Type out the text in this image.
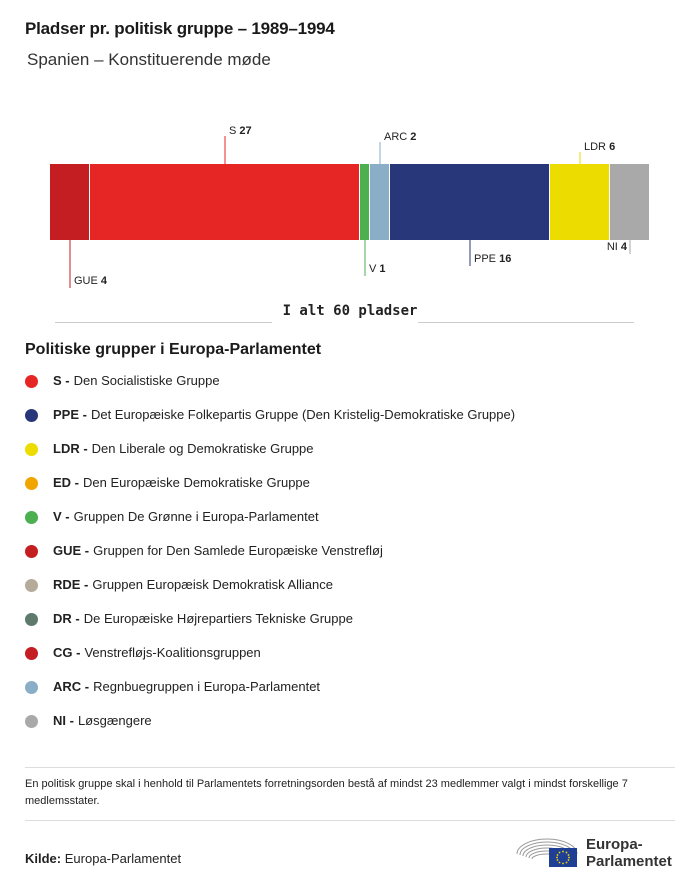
Pladser pr. politisk gruppe – 1989–1994
Spanien – Konstituerende møde
GUE 4
S 27
V 1
ARC 2
PPE 16
LDR 6
NI 4
I alt 60 pladser
Politiske grupper i Europa-Parlamentet
S - Den Socialistiske Gruppe
PPE - Det Europæiske Folkepartis Gruppe (Den Kristelig-Demokratiske Gruppe)
LDR - Den Liberale og Demokratiske Gruppe
ED - Den Europæiske Demokratiske Gruppe
V - Gruppen De Grønne i Europa-Parlamentet
GUE - Gruppen for Den Samlede Europæiske Venstrefløj
RDE - Gruppen Europæisk Demokratisk Alliance
DR - De Europæiske Højrepartiers Tekniske Gruppe
CG - Venstrefløjs-Koalitionsgruppen
ARC - Regnbuegruppen i Europa-Parlamentet
NI - Løsgængere
En politisk gruppe skal i henhold til Parlamentets forretningsorden bestå af mindst 23 medlemmer valgt i mindst forskellige 7 medlemsstater.
Kilde: Europa-Parlamentet
Europa-
Parlamentet
